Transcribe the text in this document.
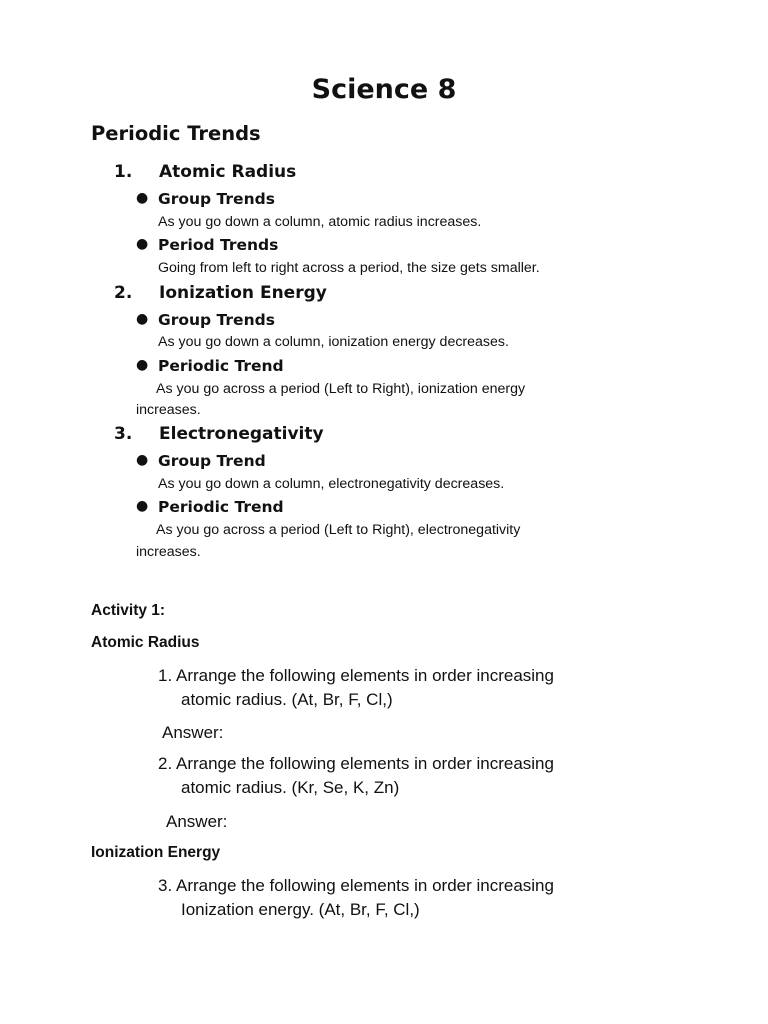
Science 8
Periodic Trends
1. Atomic Radius
● Group Trends
As you go down a column, atomic radius increases.
● Period Trends
Going from left to right across a period, the size gets smaller.
2. Ionization Energy
● Group Trends
As you go down a column, ionization energy decreases.
● Periodic Trend
As you go across a period (Left to Right), ionization energy
increases.
3. Electronegativity
● Group Trend
As you go down a column, electronegativity decreases.
● Periodic Trend
As you go across a period (Left to Right), electronegativity
increases.
Activity 1:
Atomic Radius
1. Arrange the following elements in order increasing
atomic radius. (At, Br, F, Cl,)
Answer:
2. Arrange the following elements in order increasing
atomic radius. (Kr, Se, K, Zn)
Answer:
Ionization Energy
3. Arrange the following elements in order increasing
Ionization energy. (At, Br, F, Cl,)
